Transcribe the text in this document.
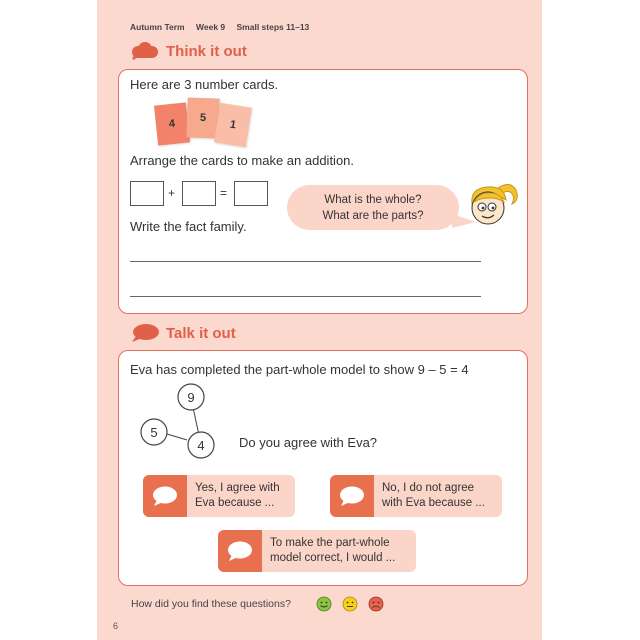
Autumn Term Week 9 Small steps 11–13
Think it out
Here are 3 number cards.
4 5
1
Arrange the cards to make an addition.
+	=
Write the fact family.
What is the whole?
What are the parts?
Talk it out
Eva has completed the part-whole model to show 9 – 5 = 4
9
5
4	Do you agree with Eva?
Yes, I agree with
Eva because ...
No, I do not agree
with Eva because ...
To make the part-whole
model correct, I would ...
How did you find these questions?
6
